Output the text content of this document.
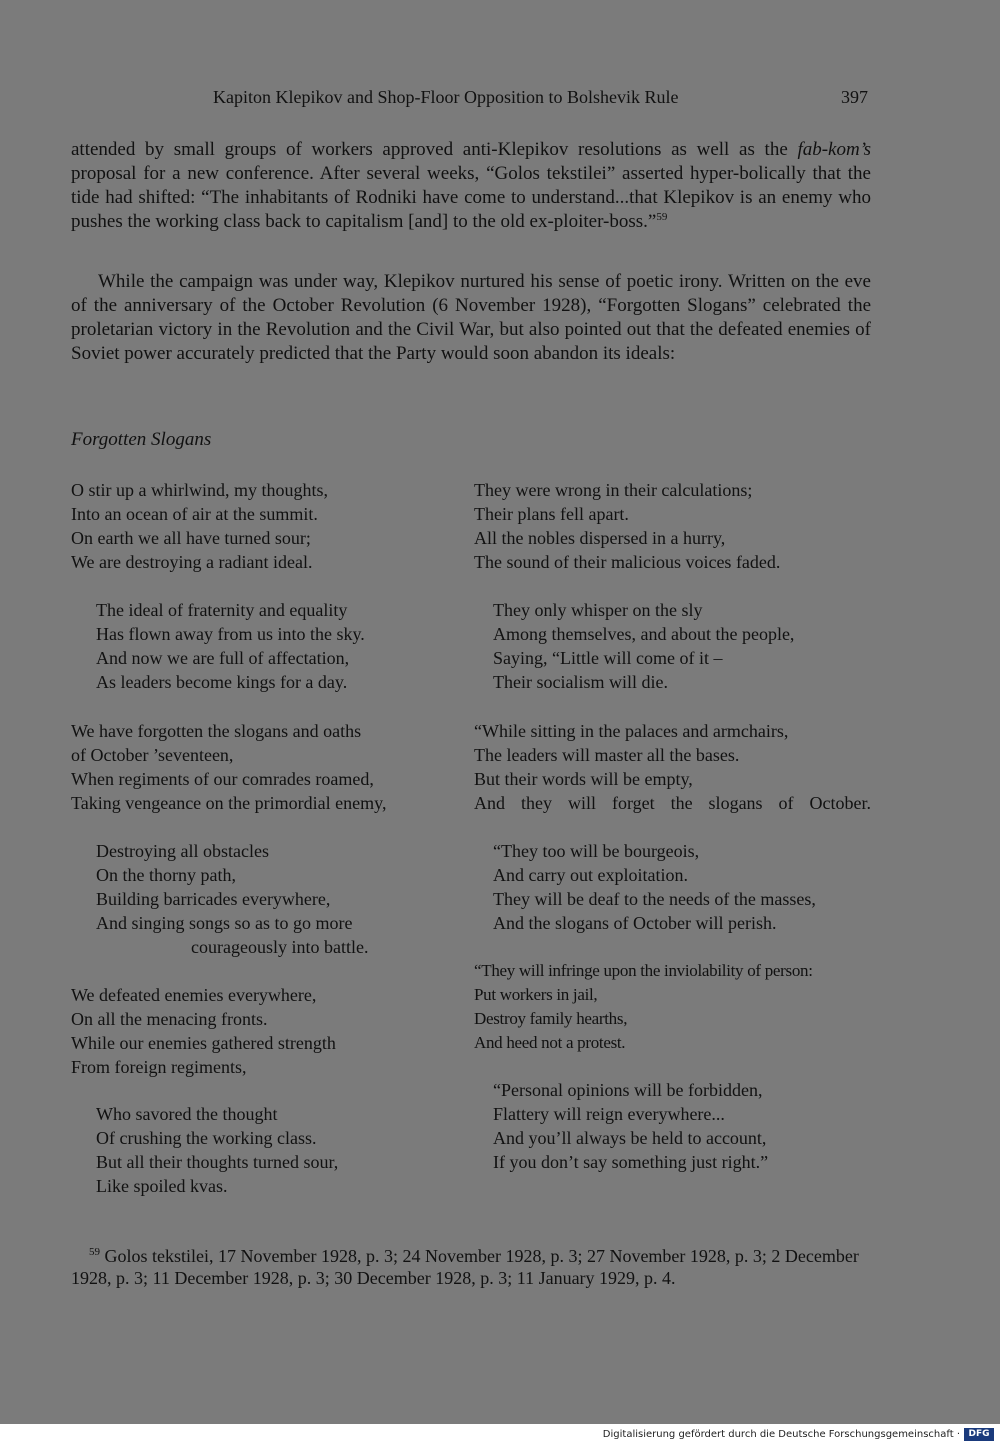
Kapiton Klepikov and Shop-Floor Opposition to Bolshevik Rule	397

attended by small groups of workers approved anti-Klepikov resolutions as well as the fab-kom’s proposal for a new conference. After several weeks, “Golos tekstilei” asserted hyper-bolically that the tide had shifted: “The inhabitants of Rodniki have come to understand...that Klepikov is an enemy who pushes the working class back to capitalism [and] to the old ex-ploiter-boss.”$^{59}$

While the campaign was under way, Klepikov nurtured his sense of poetic irony. Written on the eve of the anniversary of the October Revolution (6 November 1928), “Forgotten Slogans” celebrated the proletarian victory in the Revolution and the Civil War, but also pointed out that the defeated enemies of Soviet power accurately predicted that the Party would soon abandon its ideals:

Forgotten Slogans
O stir up a whirlwind, my thoughts,
Into an ocean of air at the summit.
On earth we all have turned sour;
We are destroying a radiant ideal.
The ideal of fraternity and equality
Has flown away from us into the sky.
And now we are full of affectation,
As leaders become kings for a day.
We have forgotten the slogans and oaths
of October ’seventeen,
When regiments of our comrades roamed,
Taking vengeance on the primordial enemy,
Destroying all obstacles
On the thorny path,
Building barricades everywhere,
And singing songs so as to go more
courageously into battle.
We defeated enemies everywhere,
On all the menacing fronts.
While our enemies gathered strength
From foreign regiments,
Who savored the thought
Of crushing the working class.
But all their thoughts turned sour,
Like spoiled kvas.
They were wrong in their calculations;
Their plans fell apart.
All the nobles dispersed in a hurry,
The sound of their malicious voices faded.
They only whisper on the sly
Among themselves, and about the people,
Saying, “Little will come of it –
Their socialism will die.
“While sitting in the palaces and armchairs,
The leaders will master all the bases.
But their words will be empty,
And they will forget the slogans of October.
“They too will be bourgeois,
And carry out exploitation.
They will be deaf to the needs of the masses,
And the slogans of October will perish.
“They will infringe upon the inviolability of person:
Put workers in jail,
Destroy family hearths,
And heed not a protest.
“Personal opinions will be forbidden,
Flattery will reign everywhere...
And you’ll always be held to account,
If you don’t say something just right.”

$^{59}$ Golos tekstilei, 17 November 1928, p. 3; 24 November 1928, p. 3; 27 November 1928, p. 3; 2 December 1928, p. 3; 11 December 1928, p. 3; 30 December 1928, p. 3; 11 January 1929, p. 4.

Digitalisierung gefördert durch die Deutsche Forschungsgemeinschaft · DFG
